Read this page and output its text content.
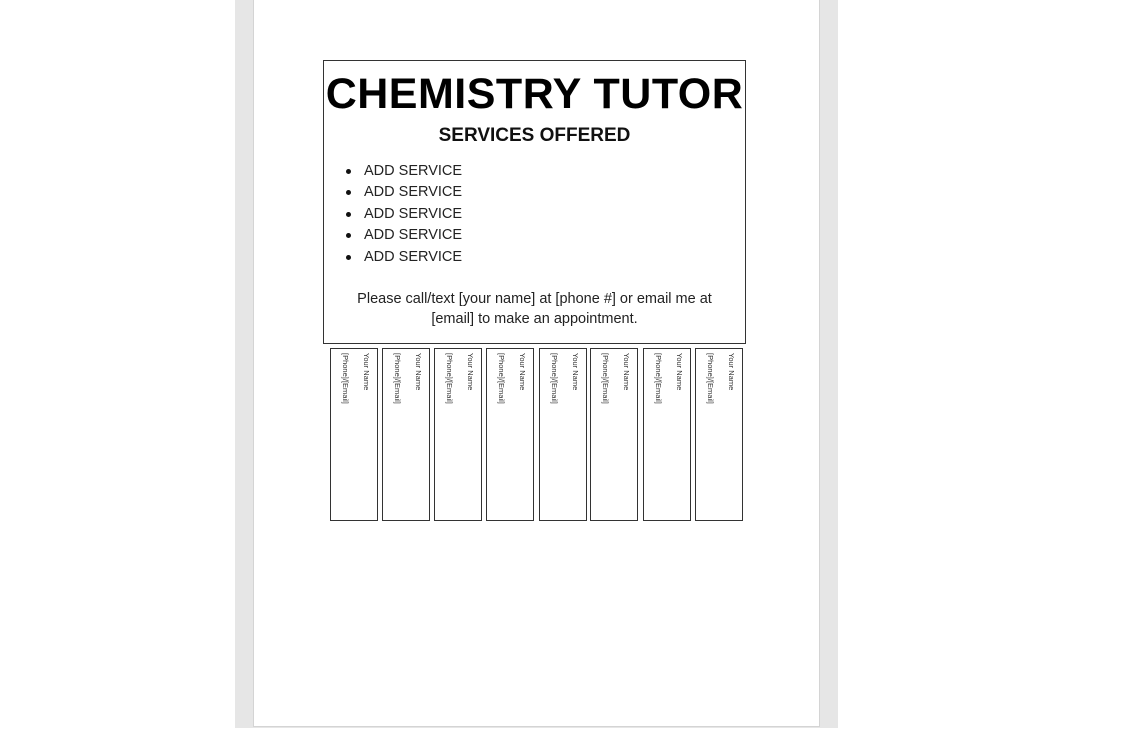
CHEMISTRY TUTOR
SERVICES OFFERED
ADD SERVICE
ADD SERVICE
ADD SERVICE
ADD SERVICE
ADD SERVICE
Please call/text [your name] at [phone #] or email me at
[email] to make an appointment.
Your Name
[Phone]/[Email]	Your Name
[Phone]/[Email]	Your Name
[Phone]/[Email]	Your Name
[Phone]/[Email]	Your Name
[Phone]/[Email]	Your Name
[Phone]/[Email]	Your Name
[Phone]/[Email]	Your Name
[Phone]/[Email]
